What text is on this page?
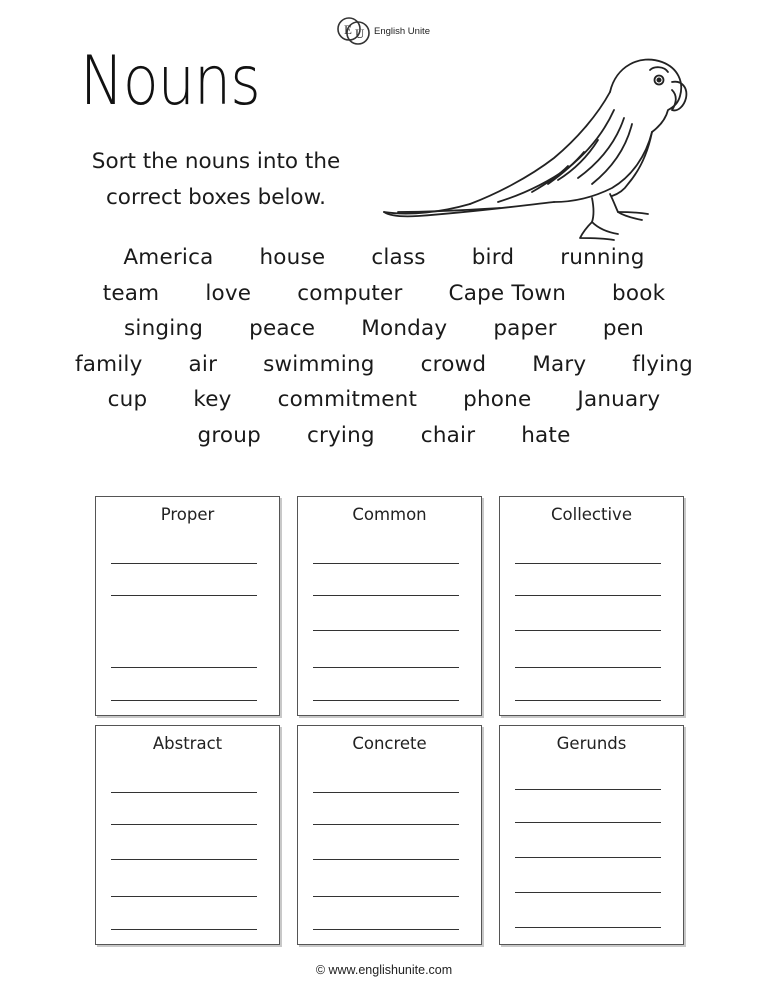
E U English Unite
Nouns
Sort the nouns into the
correct boxes below.
America house class bird running
team love computer Cape Town book
singing peace Monday paper pen
family air swimming crowd Mary flying
cup key commitment phone January
group crying chair hate
Proper	Common	Collective
Abstract	Concrete	Gerunds
© www.englishunite.com
